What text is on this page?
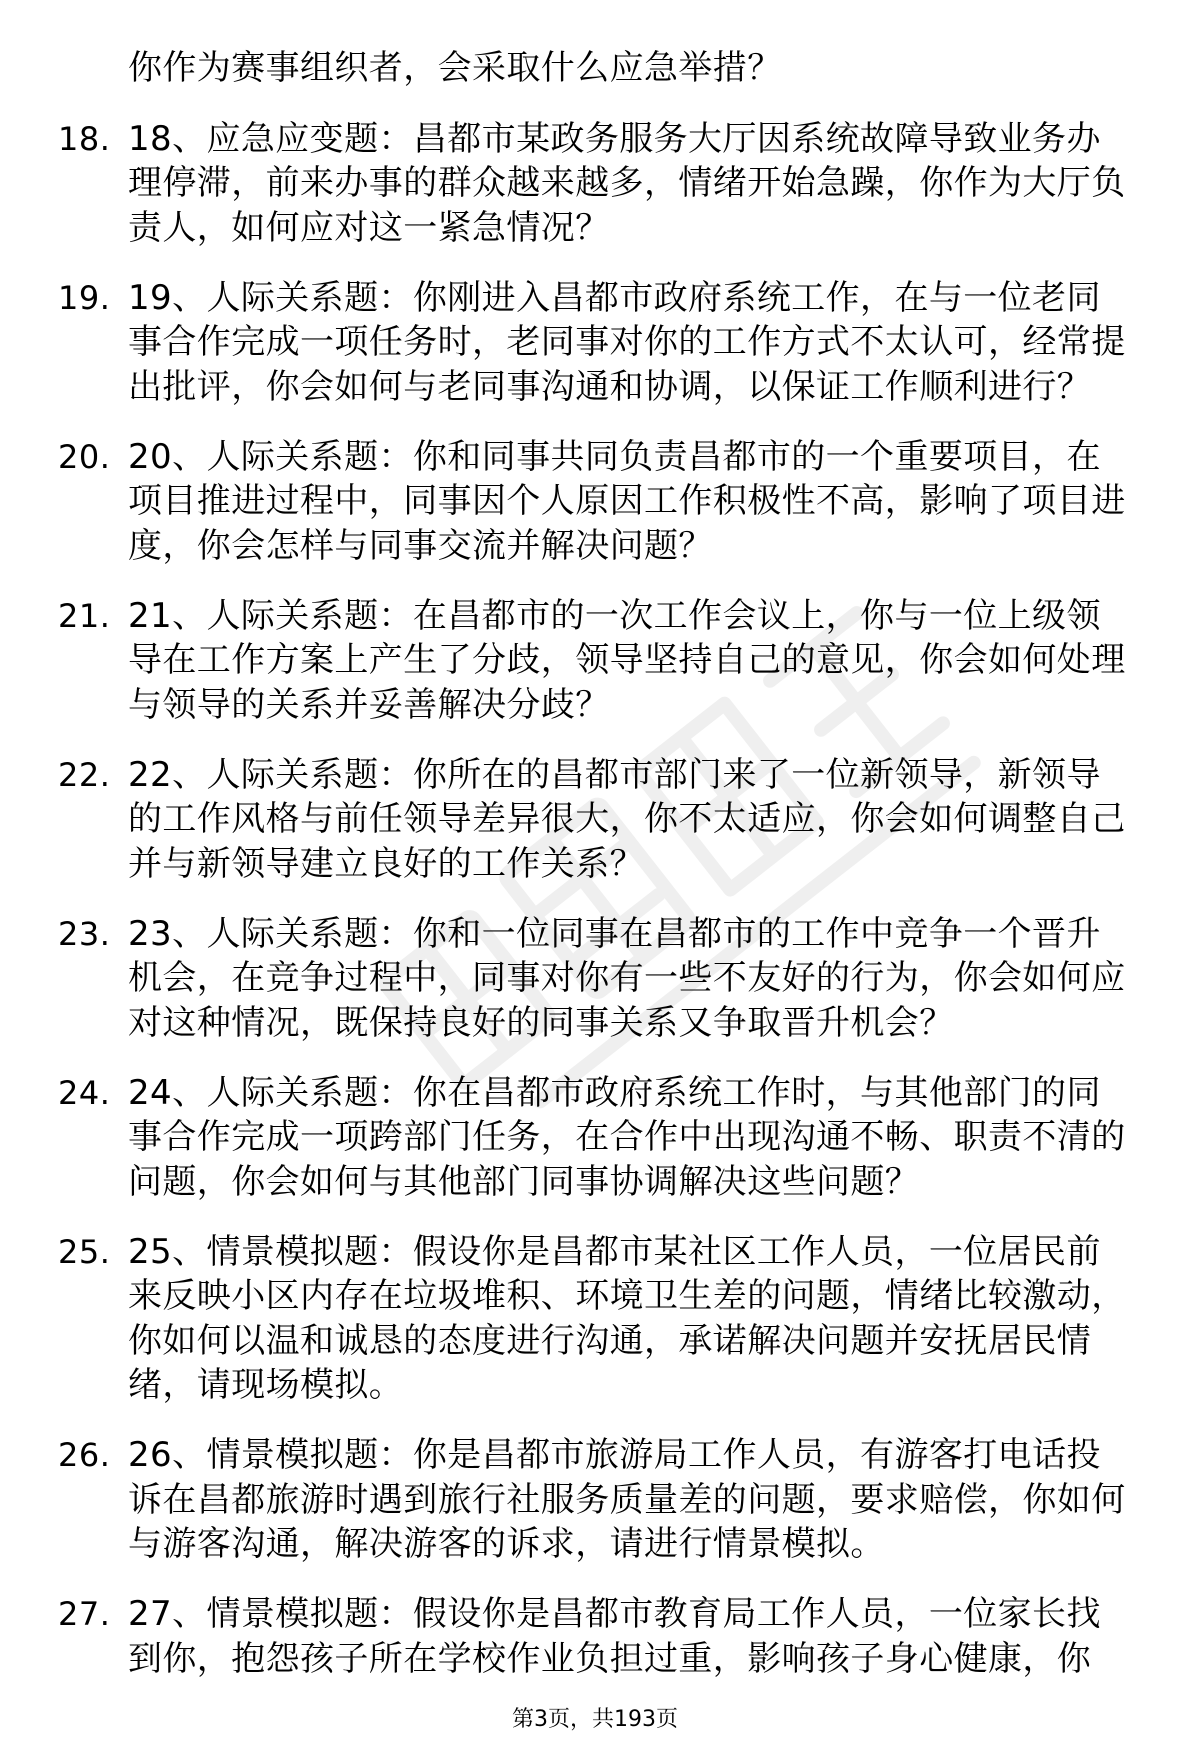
你作为赛事组织者，会采取什么应急举措？
18. 18、应急应变题：昌都市某政务服务大厅因系统故障导致业务办理停滞，前来办事的群众越来越多，情绪开始急躁，你作为大厅负责人，如何应对这一紧急情况？
19. 19、人际关系题：你刚进入昌都市政府系统工作，在与一位老同事合作完成一项任务时，老同事对你的工作方式不太认可，经常提出批评，你会如何与老同事沟通和协调，以保证工作顺利进行？
20. 20、人际关系题：你和同事共同负责昌都市的一个重要项目，在项目推进过程中，同事因个人原因工作积极性不高，影响了项目进度，你会怎样与同事交流并解决问题？
21. 21、人际关系题：在昌都市的一次工作会议上，你与一位上级领导在工作方案上产生了分歧，领导坚持自己的意见，你会如何处理与领导的关系并妥善解决分歧？
22. 22、人际关系题：你所在的昌都市部门来了一位新领导，新领导的工作风格与前任领导差异很大，你不太适应，你会如何调整自己并与新领导建立良好的工作关系？
23. 23、人际关系题：你和一位同事在昌都市的工作中竞争一个晋升机会，在竞争过程中，同事对你有一些不友好的行为，你会如何应对这种情况，既保持良好的同事关系又争取晋升机会？
24. 24、人际关系题：你在昌都市政府系统工作时，与其他部门的同事合作完成一项跨部门任务，在合作中出现沟通不畅、职责不清的问题，你会如何与其他部门同事协调解决这些问题？
25. 25、情景模拟题：假设你是昌都市某社区工作人员，一位居民前来反映小区内存在垃圾堆积、环境卫生差的问题，情绪比较激动，你如何以温和诚恳的态度进行沟通，承诺解决问题并安抚居民情绪，请现场模拟。
26. 26、情景模拟题：你是昌都市旅游局工作人员，有游客打电话投诉在昌都旅游时遇到旅行社服务质量差的问题，要求赔偿，你如何与游客沟通，解决游客的诉求，请进行情景模拟。
27. 27、情景模拟题：假设你是昌都市教育局工作人员，一位家长找到你，抱怨孩子所在学校作业负担过重，影响孩子身心健康，你
第3页，共193页
